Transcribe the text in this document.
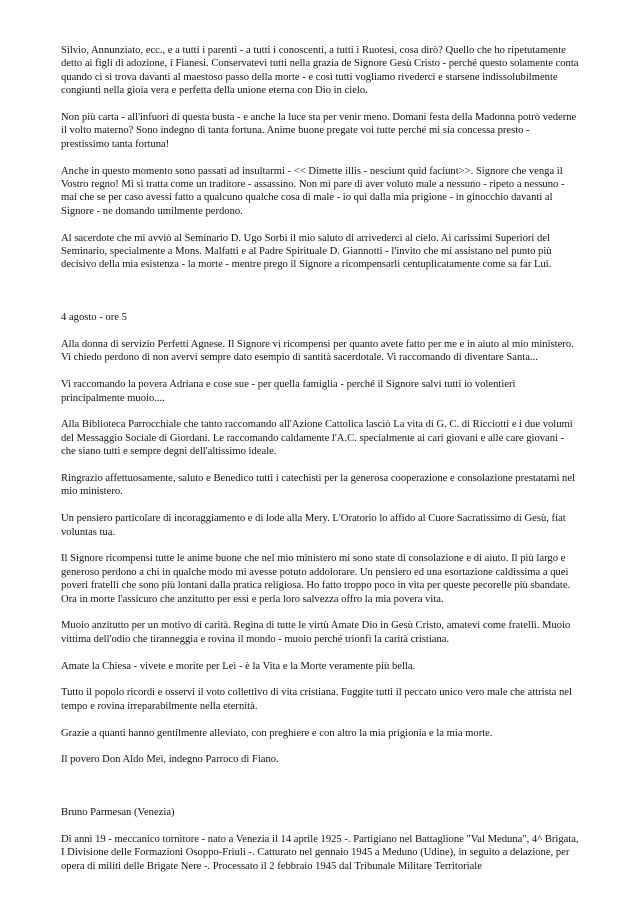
Silvio, Annunziato, ecc., e a tutti i parenti - a tutti i conoscenti, a tutti i Ruotesi, cosa dirò? Quello che ho ripetutamente detto ai figli di adozione, i Fianesi. Conservatevi tutti nella grazia de Signore Gesù Cristo - perché questo solamente conta quando ci si trova davanti al maestoso passo della morte - e così tutti vogliamo rivederci e starsene indissolubilmente congiunti nella gioia vera e perfetta della unione eterna con Dio in cielo.

Non più carta - all'infuori di questa busta - e anche la luce sta per venir meno. Domani festa della Madonna potrò vederne il volto materno? Sono indegno di tanta fortuna. Anime buone pregate voi tutte perché mi sia concessa presto - prestissimo tanta fortuna!

Anche in questo momento sono passati ad insultarmi - << Dimette illis - nesciunt quid faciunt>>. Signore che venga il Vostro regno! Mi si tratta come un traditore - assassino. Non mi pare di aver voluto male a nessuno - ripeto a nessuno - mai che se per caso avessi fatto a qualcuno qualche cosa di male - io qui dalla mia prigione - in ginocchio davanti al Signore - ne domando umilmente perdono.

Al sacerdote che mi avviò al Seminario D. Ugo Sorbi il mio saluto di arrivederci al cielo. Ai carissimi Superiori del Seminario, specialmente a Mons. Malfatti e al Padre Spirituale D. Giannotti - l'invito che mi assistano nel punto più decisivo della mia esistenza - la morte - mentre prego il Signore a ricompensarli centuplicatamente come sa far Lui.

4 agosto - ore 5

Alla donna di servizio Perfetti Agnese. Il Signore vi ricompensi per quanto avete fatto per me e in aiuto al mio ministero. Vi chiedo perdono di non avervi sempre dato esempio di santità sacerdotale. Vi raccomando di diventare Santa...

Vi raccomando la povera Adriana e cose sue - per quella famiglia - perché il Signore salvi tutti io volentieri principalmente muoio....

Alla Biblioteca Parrocchiale che tanto raccomando all'Azione Cattolica lasciò La vita di G. C. di Ricciotti e i due volumi del Messaggio Sociale di Giordani. Le raccomando caldamente l'A.C. specialmente ai cari giovani e alle care giovani - che siano tutti e sempre degni dell'altissimo ideale.

Ringrazio affettuosamente, saluto e Benedico tutti i catechisti per la generosa cooperazione e consolazione prestatami nel mio ministero.

Un pensiero particolare di incoraggiamento e di lode alla Mery. L'Oratorio lo affido al Cuore Sacratissimo di Gesù, fiat voluntas tua.

Il Signore ricompensi tutte le anime buone che nel mio ministero mi sono state di consolazione e di aiuto. Il più largo e generoso perdono a chi in qualche modo mi avesse potuto addolorare. Un pensiero ed una esortazione caldissima a quei poveri fratelli che sono più lontani dalla pratica religiosa. Ho fatto troppo poco in vita per queste pecorelle più sbandate. Ora in morte l'assicuro che anzitutto per essi e perla loro salvezza offro la mia povera vita.

Muoio anzitutto per un motivo di carità. Regina di tutte le virtù Amate Dio in Gesù Cristo, amatevi come fratelli. Muoio vittima dell'odio che tiranneggia e rovina il mondo - muoio perché trionfi la carità cristiana.

Amate la Chiesa - vivete e morite per Lei - è la Vita e la Morte veramente più bella.

Tutto il popolo ricordi e osservi il voto collettivo di vita cristiana. Fuggite tutti il peccato unico vero male che attrista nel tempo e rovina irreparabilmente nella eternità.

Grazie a quanti hanno gentilmente alleviato, con preghiere e con altro la mia prigionia e la mia morte.

Il povero Don Aldo Mei, indegno Parroco di Fiano.

Bruno Parmesan (Venezia)

Di anni 19 - meccanico tornitore - nato a Venezia il 14 aprile 1925 -. Partigiano nel Battaglione "Val Meduna", 4^ Brigata, I Divisione delle Formazioni Osoppo-Friuli -. Catturato nel gennaio 1945 a Meduno (Udine), in seguito a delazione, per opera di militi delle Brigate Nere -. Processato il 2 febbraio 1945 dal Tribunale Militare Territoriale
